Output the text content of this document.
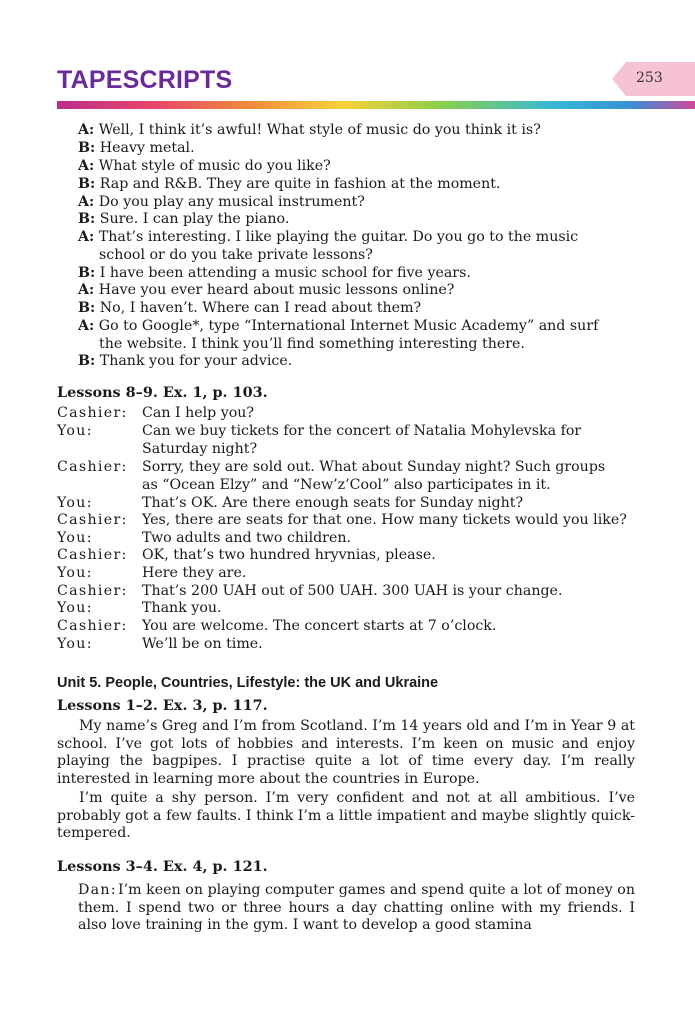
TAPESCRIPTS	253
A: Well, I think it’s awful! What style of music do you think it is?
B: Heavy metal.
A: What style of music do you like?
B: Rap and R&B. They are quite in fashion at the moment.
A: Do you play any musical instrument?
B: Sure. I can play the piano.
A: That’s interesting. I like playing the guitar. Do you go to the music
school or do you take private lessons?
B: I have been attending a music school for five years.
A: Have you ever heard about music lessons online?
B: No, I haven’t. Where can I read about them?
A: Go to Google*, type “International Internet Music Academy” and surf
the website. I think you’ll find something interesting there.
B: Thank you for your advice.
Lessons 8–9. Ex. 1, p. 103.
Cashier: Can I help you?
You:	Can we buy tickets for the concert of Natalia Mohylevska for
Saturday night?
Cashier: Sorry, they are sold out. What about Sunday night? Such groups
as “Ocean Elzy” and “New’z’Cool” also participates in it.
You:	That’s OK. Are there enough seats for Sunday night?
Cashier: Yes, there are seats for that one. How many tickets would you like?
You:	Two adults and two children.
Cashier: OK, that’s two hundred hryvnias, please.
You:	Here they are.
Cashier: That’s 200 UAH out of 500 UAH. 300 UAH is your change.
You:	Thank you.
Cashier: You are welcome. The concert starts at 7 o’clock.
You:	We’ll be on time.
Unit 5. People, Countries, Lifestyle: the UK and Ukraine
Lessons 1–2. Ex. 3, p. 117.

My name’s Greg and I’m from Scotland. I’m 14 years old and I’m in Year 9 at school. I’ve got lots of hobbies and interests. I’m keen on music and enjoy playing the bagpipes. I practise quite a lot of time every day. I’m really interested in learning more about the countries in Europe.

I’m quite a shy person. I’m very confident and not at all ambitious. I’ve probably got a few faults. I think I’m a little impatient and maybe slightly quick-tempered.

Lessons 3–4. Ex. 4, p. 121.
Dan: I’m keen on playing computer games and spend quite a lot of money on them. I spend two or three hours a day chatting online with my friends. I also love training in the gym. I want to develop a good stamina
